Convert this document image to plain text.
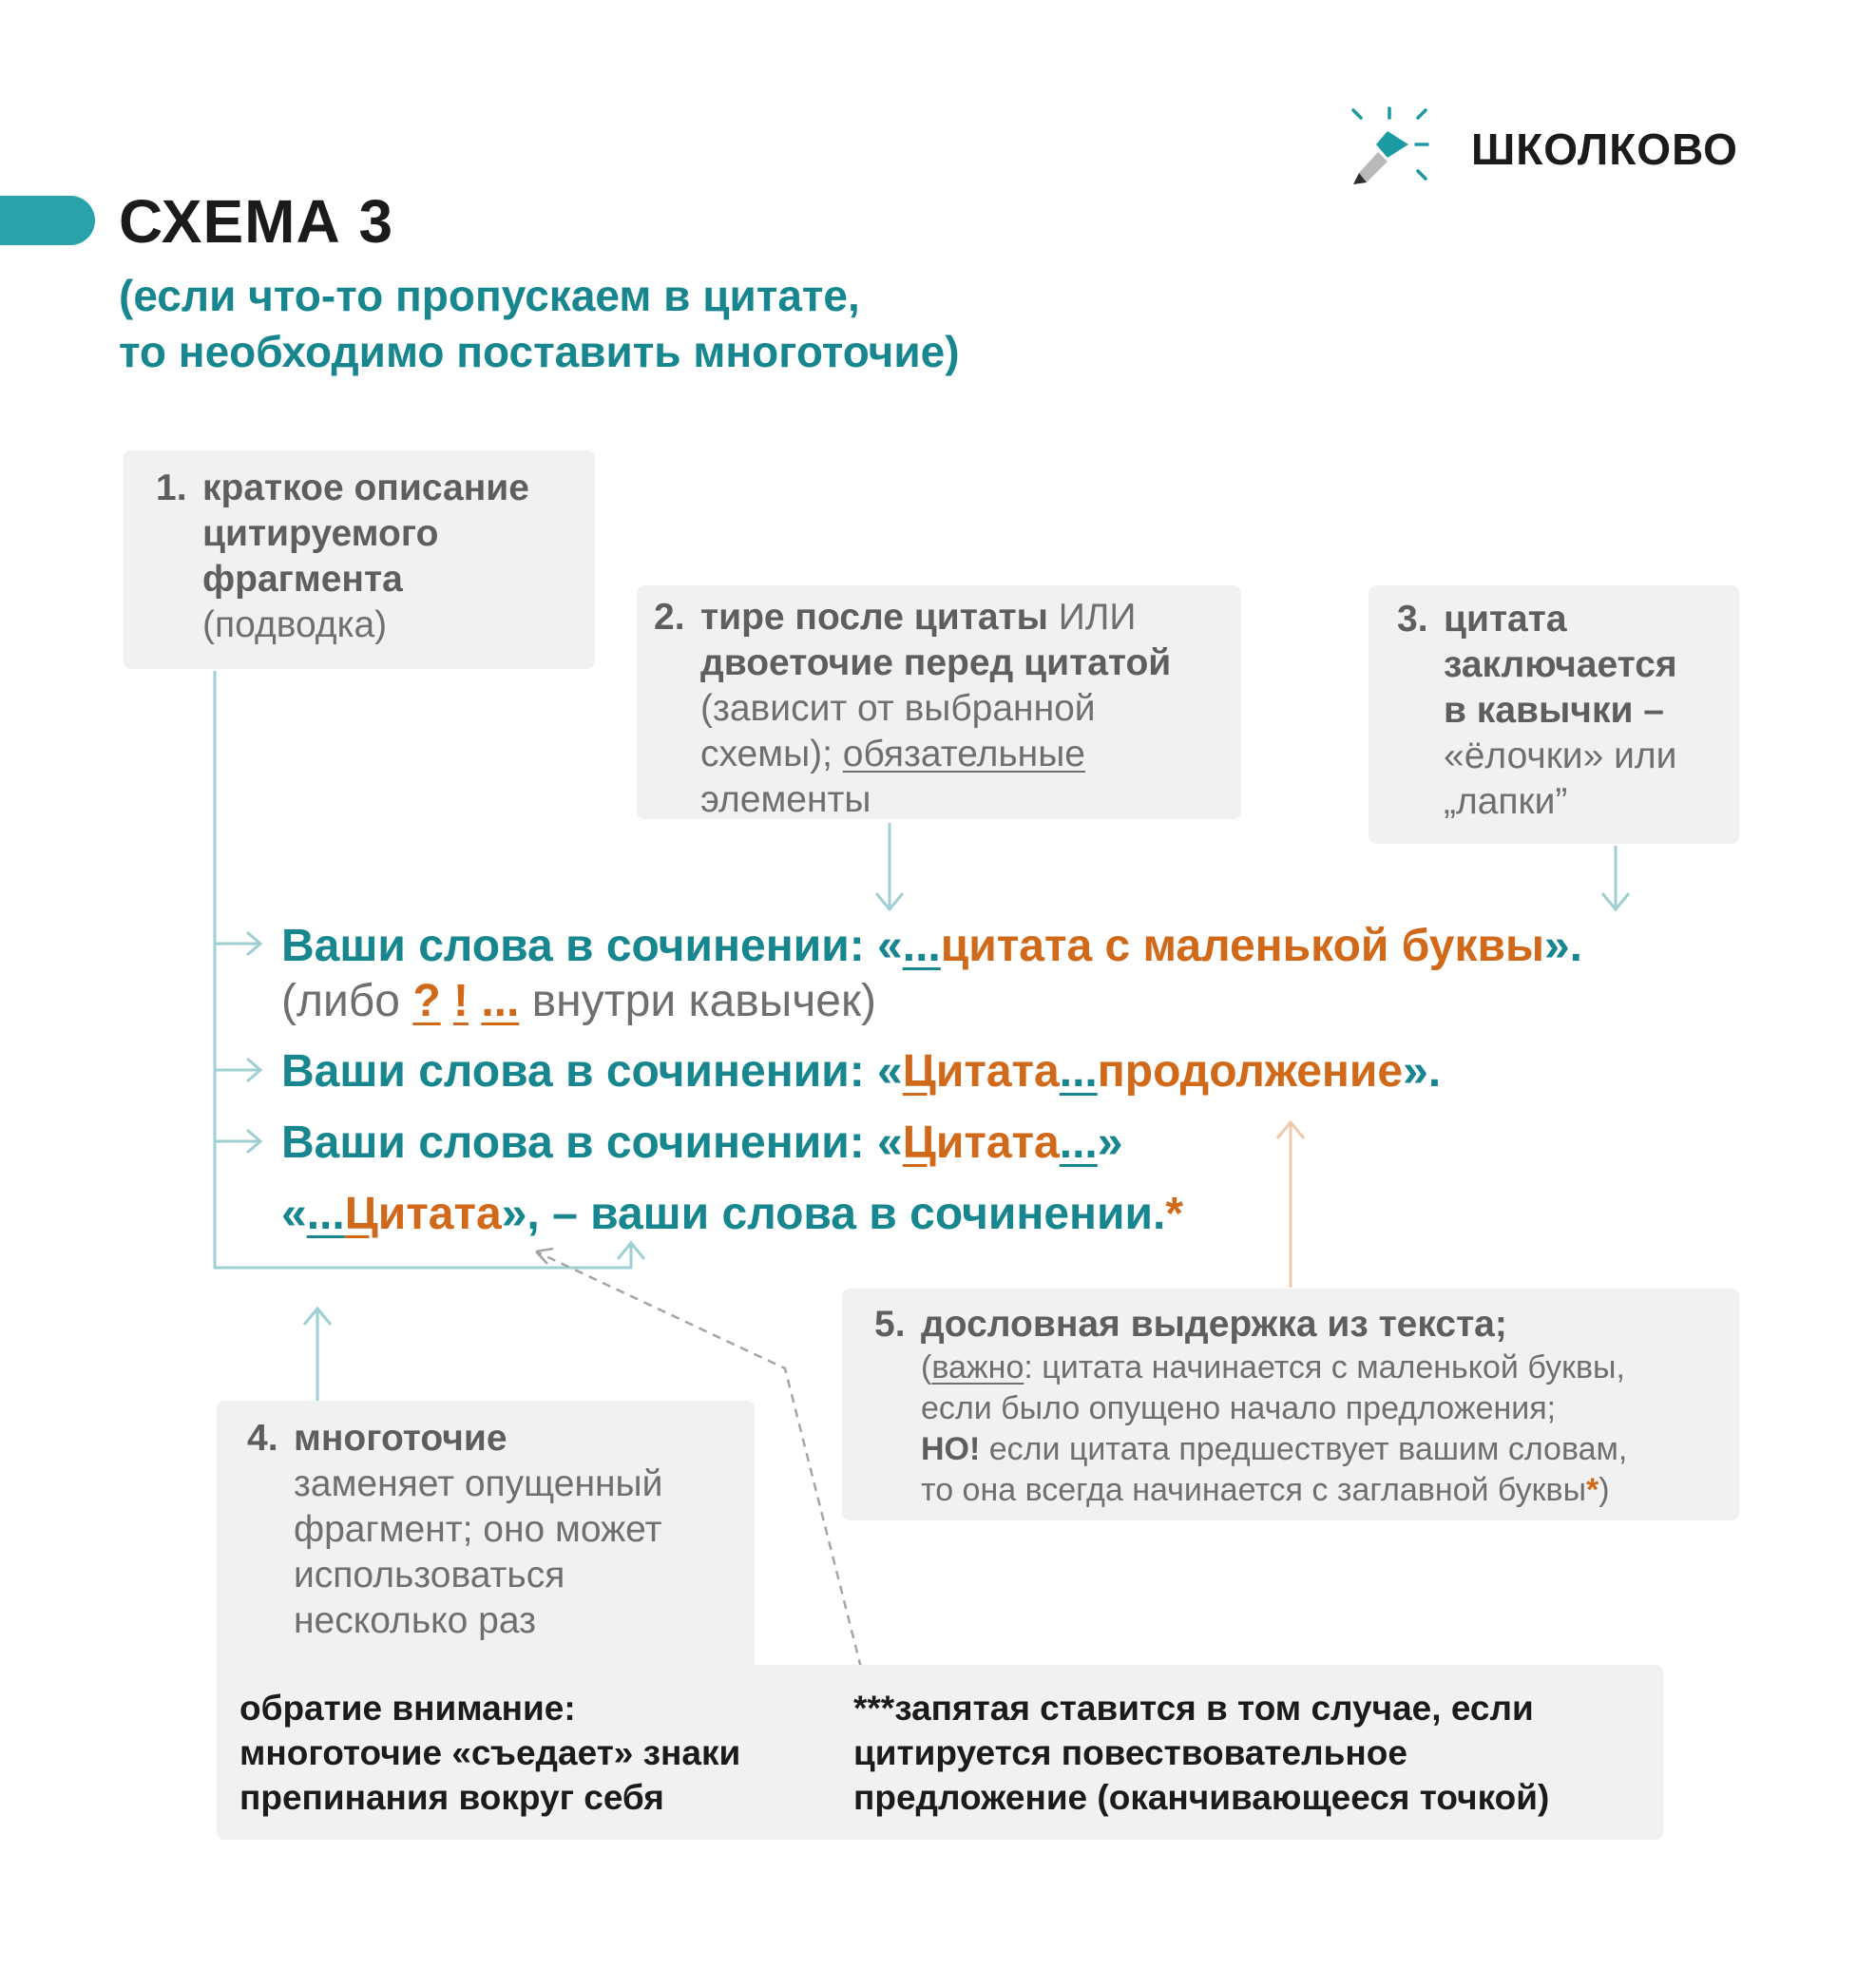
ШКОЛКОВО
СХЕМА 3
(если что-то пропускаем в цитате,
то необходимо поставить многоточие)
1. краткое описание
цитируемого
фрагмента
(подводка)	2. тире после цитаты ИЛИ
двоеточие перед цитатой
(зависит от выбранной
схемы); обязательные
элементы
3. цитата
заключается
в кавычки –
«ёлочки» или
„лапки”
Ваши слова в сочинении: «...цитата с маленькой буквы».
(либо ? ! ... внутри кавычек)
Ваши слова в сочинении: «Цитата...продолжение».
Ваши слова в сочинении: «Цитата...»
«...Цитата», – ваши слова в сочинении.*
5. дословная выдержка из текста;
(важно: цитата начинается с маленькой буквы,
если было опущено начало предложения;
НО! если цитата предшествует вашим словам,
то она всегда начинается с заглавной буквы*)
4. многоточие
заменяет опущенный
фрагмент; оно может
использоваться
несколько раз
обратие внимание:
многоточие «съедает» знаки
препинания вокруг себя
***запятая ставится в том случае, если
цитируется повествовательное
предложение (оканчивающееся точкой)
